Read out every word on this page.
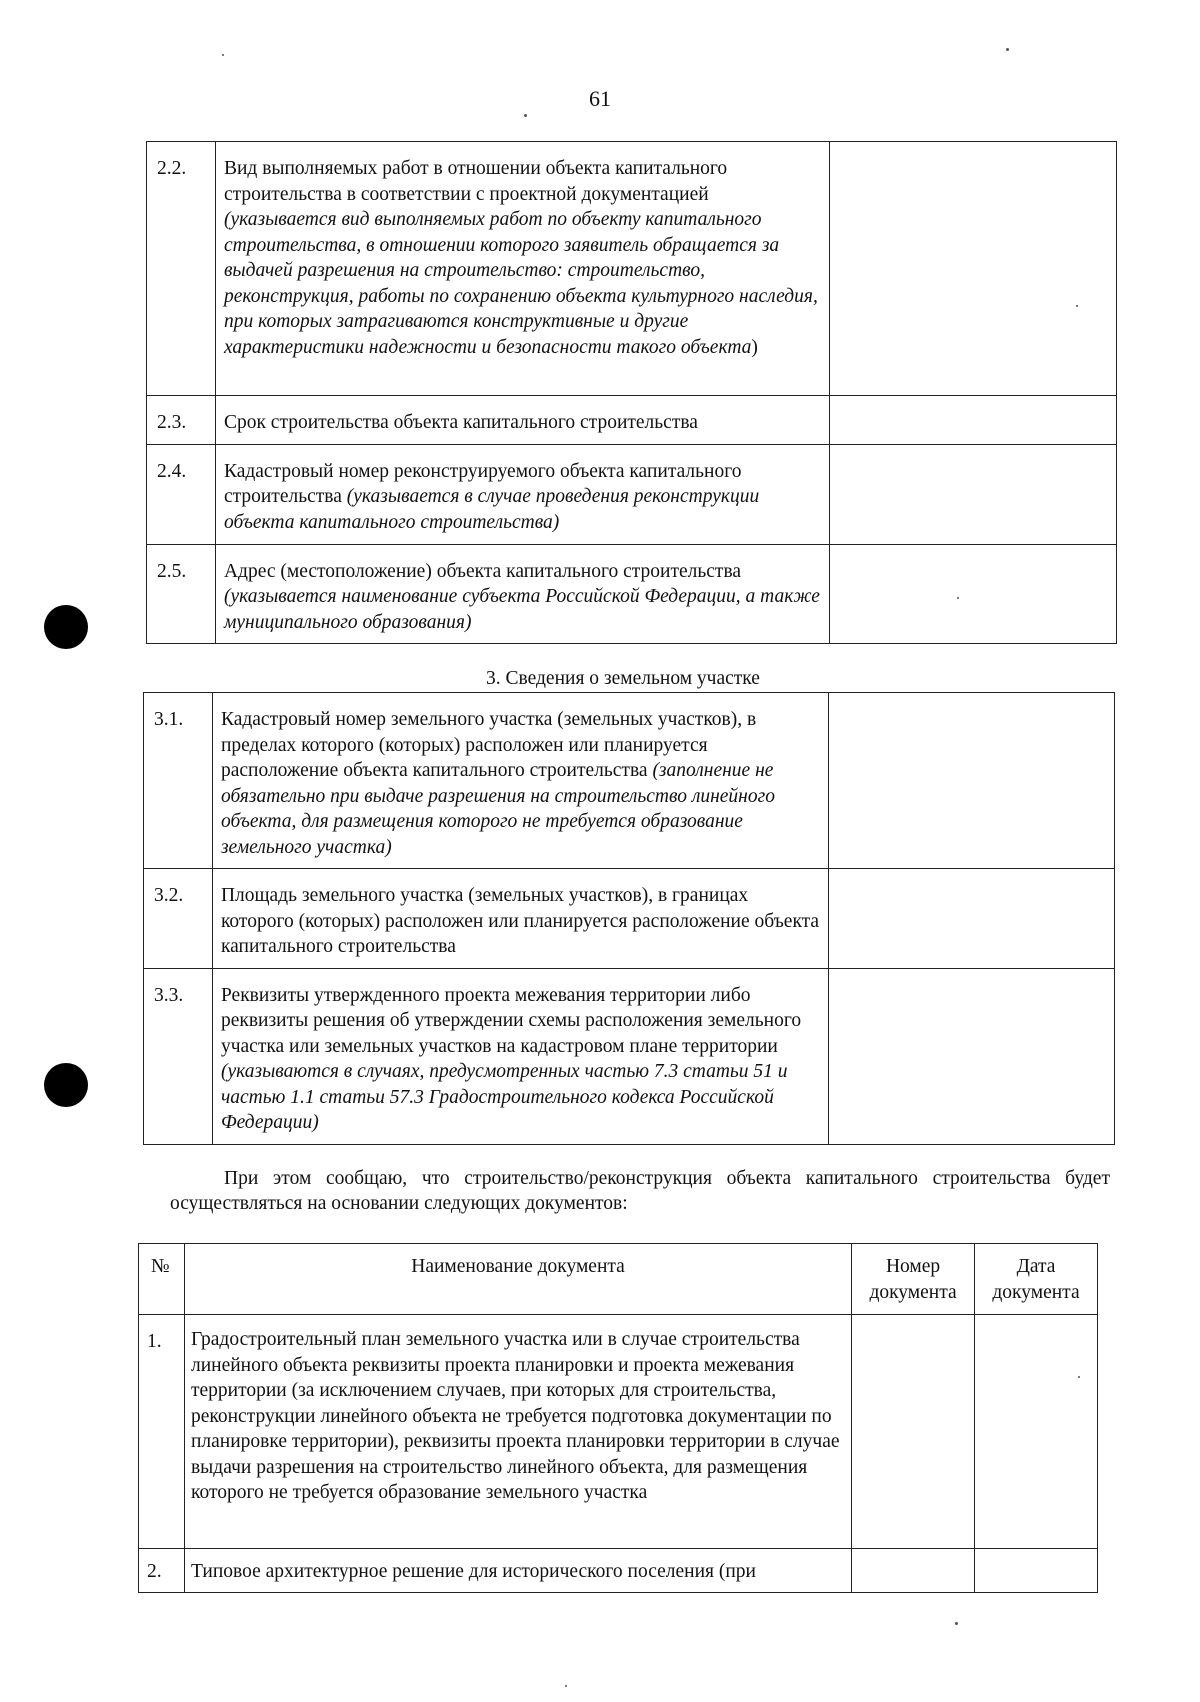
61
2.2.	Вид выполняемых работ в отношении объекта капитального строительства в соответствии с проектной документацией (указывается вид выполняемых работ по объекту капитального строительства, в отношении которого заявитель обращается за выдачей разрешения на строительство: строительство, реконструкция, работы по сохранению объекта культурного наследия, при которых затрагиваются конструктивные и другие характеристики надежности и безопасности такого объекта)	
2.3.	Срок строительства объекта капитального строительства	
2.4.	Кадастровый номер реконструируемого объекта капитального строительства (указывается в случае проведения реконструкции объекта капитального строительства)	
2.5.	Адрес (местоположение) объекта капитального строительства (указывается наименование субъекта Российской Федерации, а также муниципального образования)	
3. Сведения о земельном участке
3.1.	Кадастровый номер земельного участка (земельных участков), в пределах которого (которых) расположен или планируется расположение объекта капитального строительства (заполнение не обязательно при выдаче разрешения на строительство линейного объекта, для размещения которого не требуется образование земельного участка)	
3.2.	Площадь земельного участка (земельных участков), в границах которого (которых) расположен или планируется расположение объекта капитального строительства	
3.3.	Реквизиты утвержденного проекта межевания территории либо реквизиты решения об утверждении схемы расположения земельного участка или земельных участков на кадастровом плане территории (указываются в случаях, предусмотренных частью 7.3 статьи 51 и частью 1.1 статьи 57.3 Градостроительного кодекса Российской Федерации)	

При этом сообщаю, что строительство/реконструкция объекта капитального строительства будет осуществляться на основании следующих документов:

№	Наименование документа	Номер документа	Дата документа
1.	Градостроительный план земельного участка или в случае строительства линейного объекта реквизиты проекта планировки и проекта межевания территории (за исключением случаев, при которых для строительства, реконструкции линейного объекта не требуется подготовка документации по планировке территории), реквизиты проекта планировки территории в случае выдачи разрешения на строительство линейного объекта, для размещения которого не требуется образование земельного участка		
2.	Типовое архитектурное решение для исторического поселения (при		
